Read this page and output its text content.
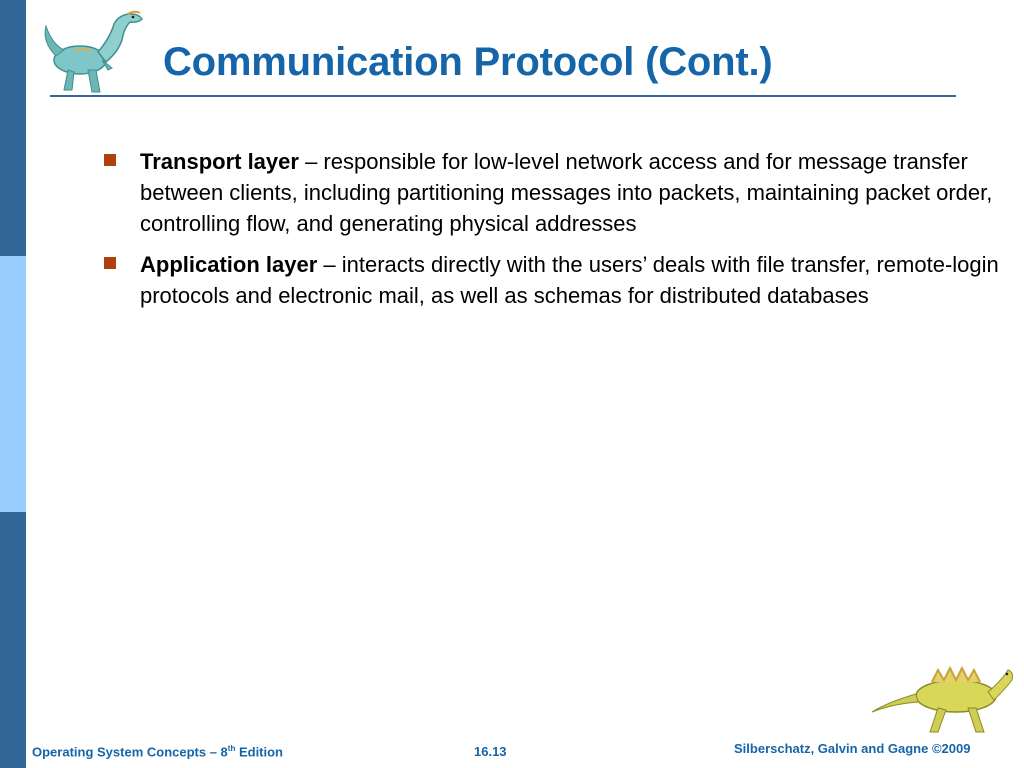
Communication Protocol (Cont.)
Transport layer – responsible for low-level network access and for message transfer between clients, including partitioning messages into packets, maintaining packet order, controlling flow, and generating physical addresses
Application layer – interacts directly with the users’ deals with file transfer, remote-login protocols and electronic mail, as well as schemas for distributed databases
Operating System Concepts – 8th Edition	16.13	Silberschatz, Galvin and Gagne ©2009
